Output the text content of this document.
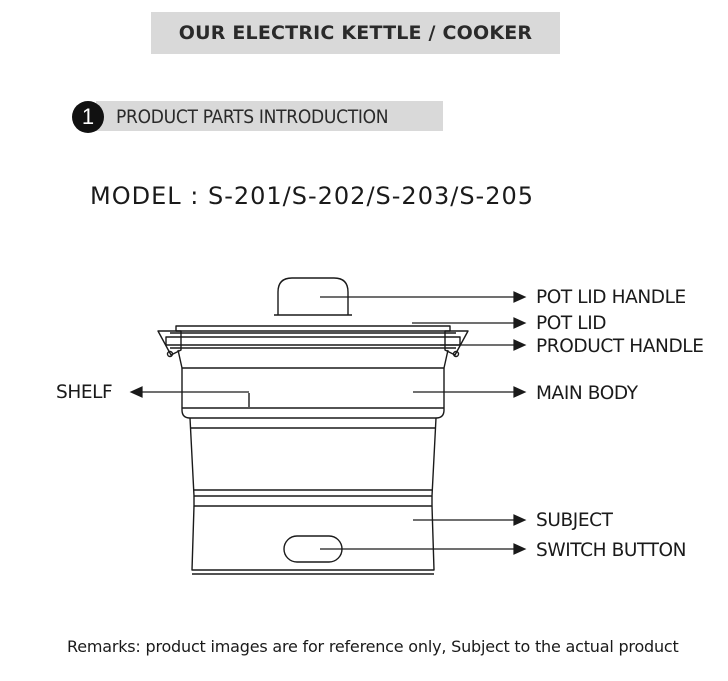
OUR ELECTRIC KETTLE / COOKER
PRODUCT PARTS INTRODUCTION
1
MODEL : S-201/S-202/S-203/S-205
POT LID HANDLE
POT LID
PRODUCT HANDLE
SHELF	MAIN BODY
SUBJECT
SWITCH BUTTON
Remarks: product images are for reference only, Subject to the actual product
